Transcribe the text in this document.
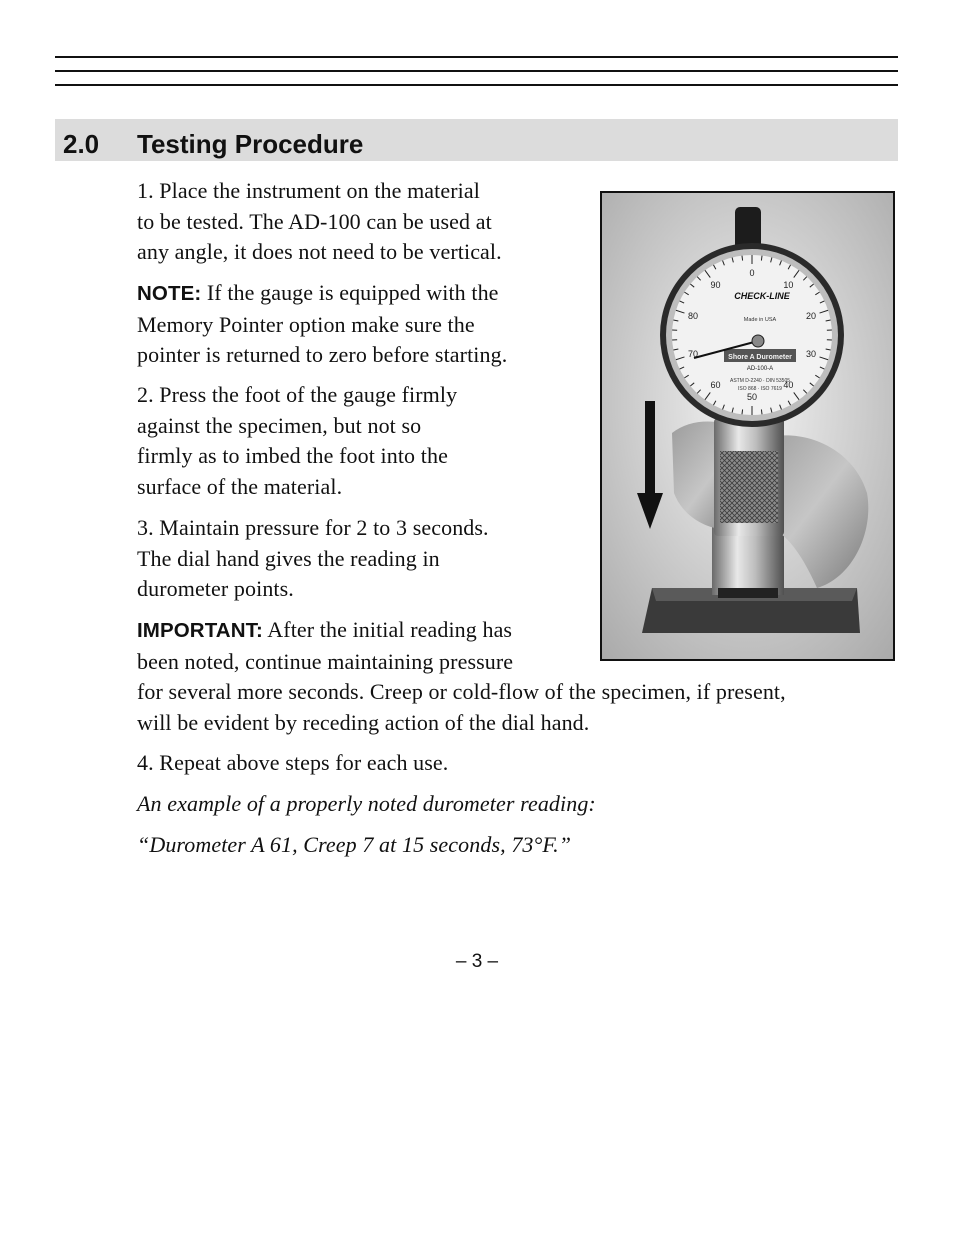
2.0 Testing Procedure
1. Place the instrument on the material
to be tested. The AD-100 can be used at
any angle, it does not need to be vertical.
NOTE: If the gauge is equipped with the
Memory Pointer option make sure the
pointer is returned to zero before starting.
2. Press the foot of the gauge firmly
against the specimen, but not so
firmly as to imbed the foot into the
surface of the material.
3. Maintain pressure for 2 to 3 seconds.
The dial hand gives the reading in
durometer points.
IMPORTANT: After the initial reading has
been noted, continue maintaining pressure
for several more seconds. Creep or cold-flow of the specimen, if present,
will be evident by receding action of the dial hand.
4. Repeat above steps for each use.
An example of a properly noted durometer reading:
“Durometer A 61, Creep 7 at 15 seconds, 73°F.”
0
10
20
30
40
50
60
70
80
90
CHECK-LINE
Made in USA
Shore A Durometer
AD-100-A
ASTM D-2240 · DIN 53505
ISO 868 · ISO 7619
– 3 –
